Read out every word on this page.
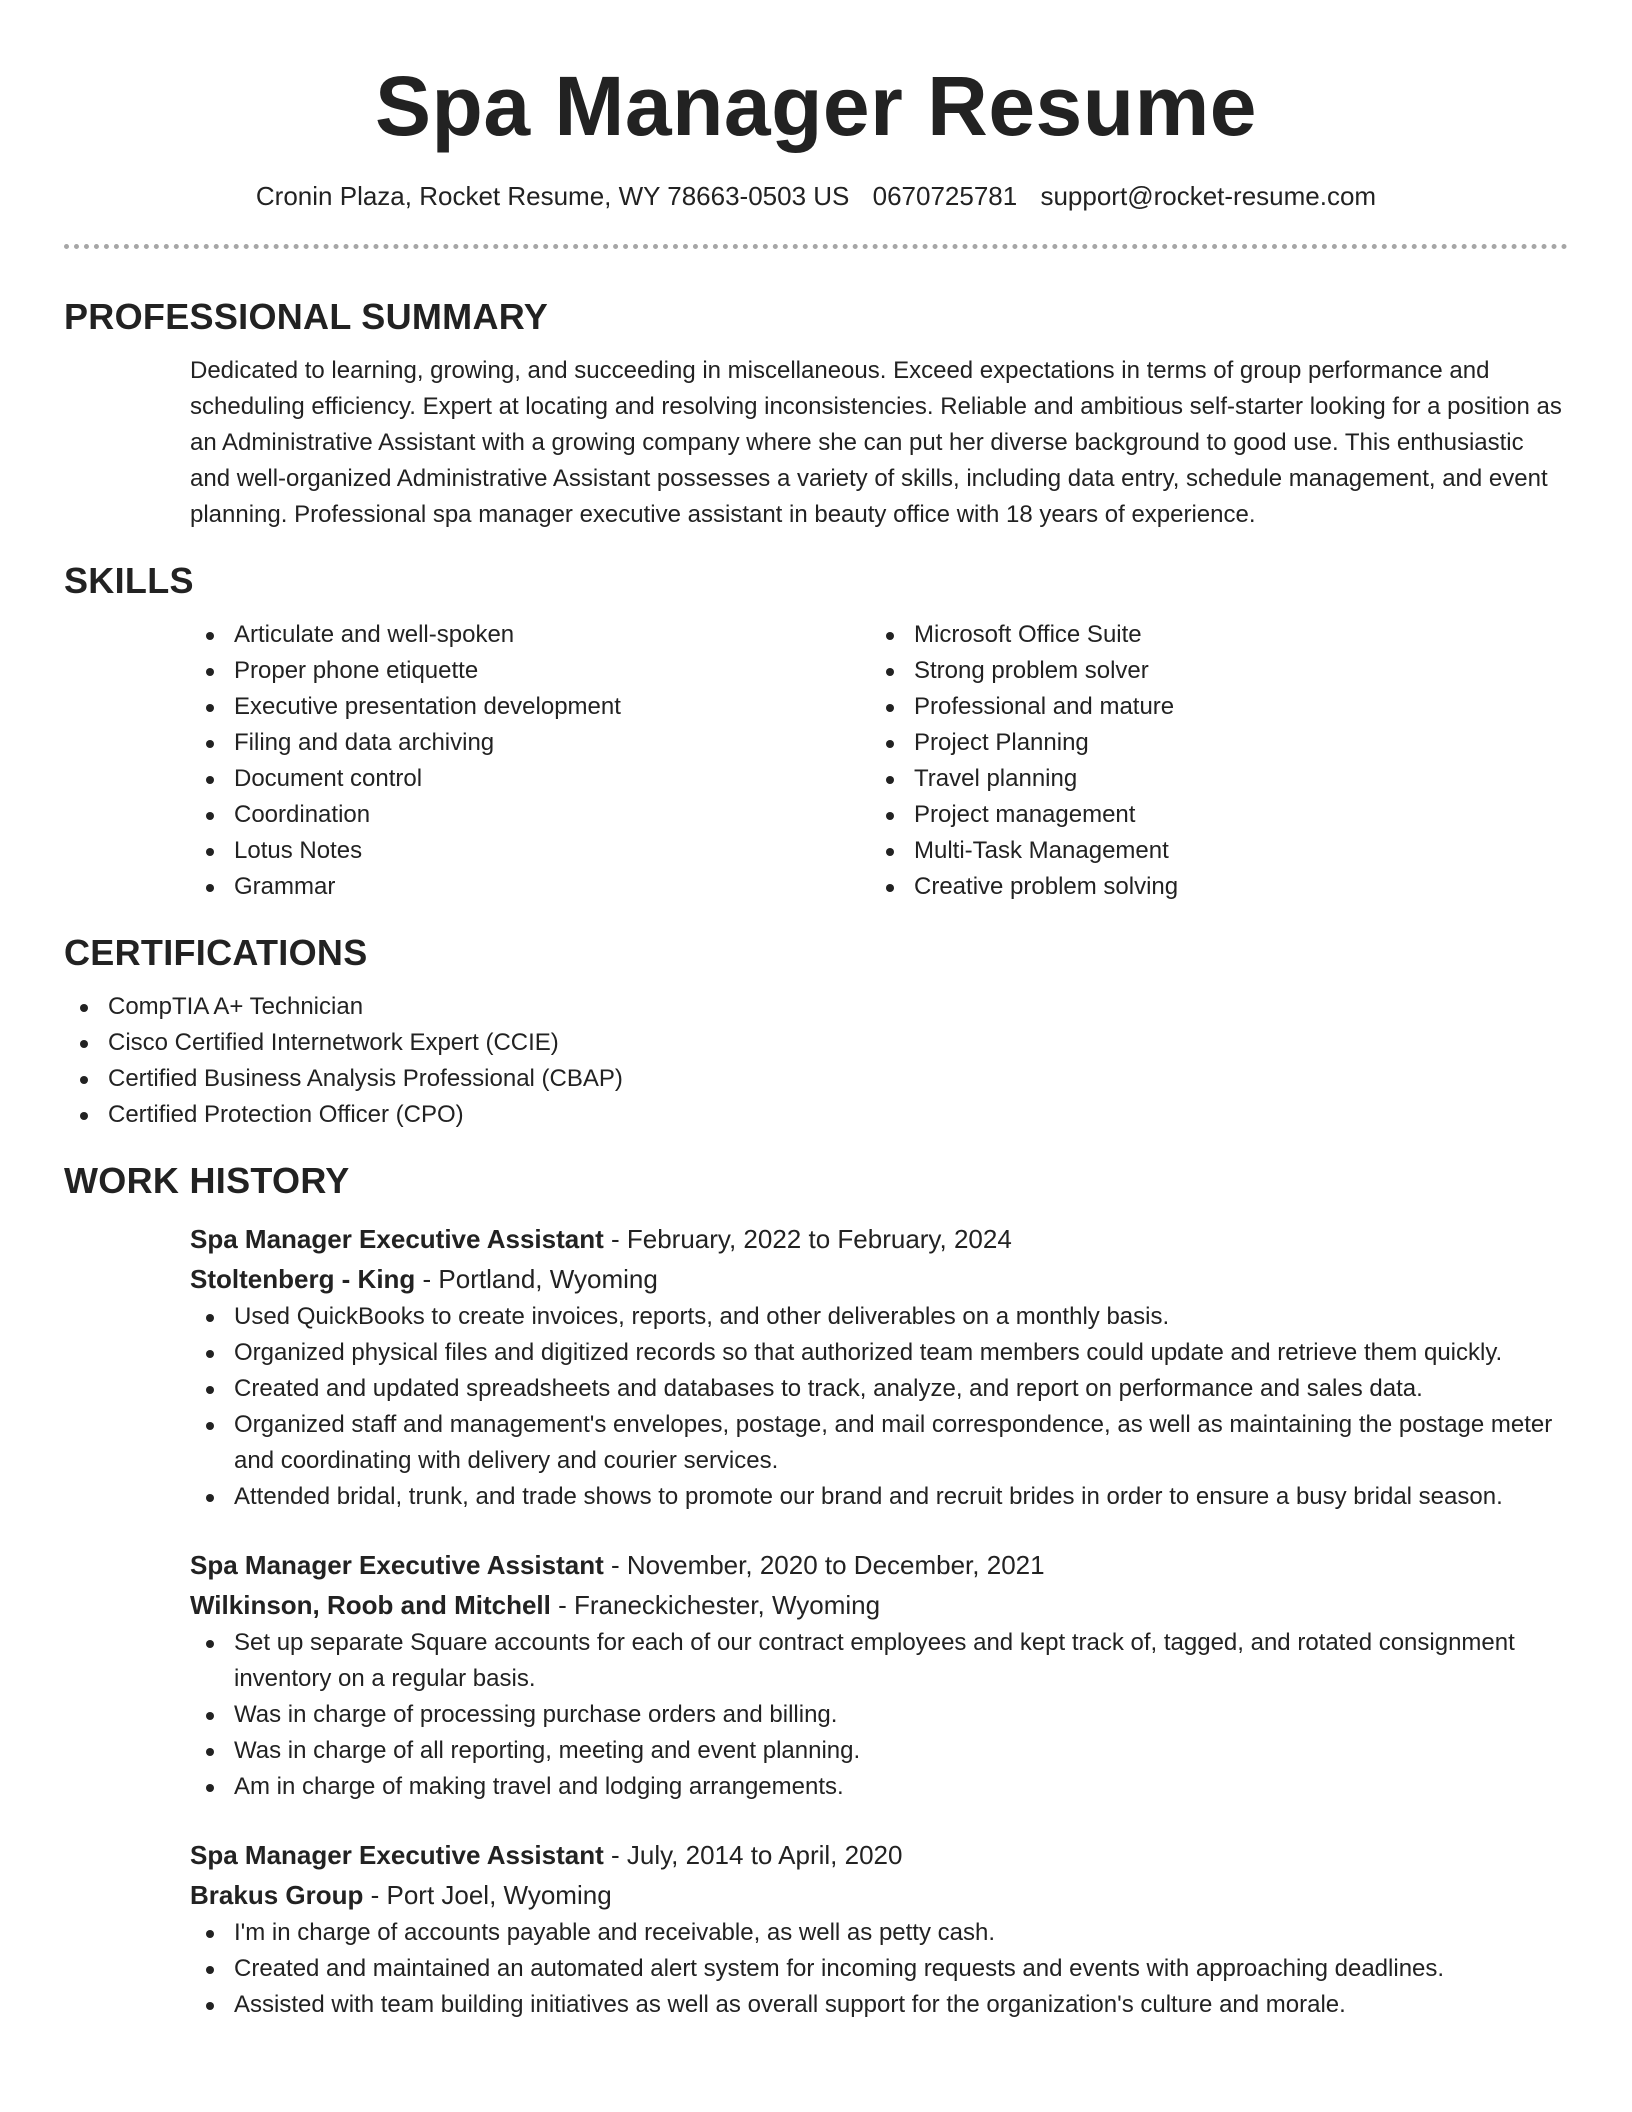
Spa Manager Resume
Cronin Plaza, Rocket Resume, WY 78663-0503 US 0670725781 support@rocket-resume.com
PROFESSIONAL SUMMARY

Dedicated to learning, growing, and succeeding in miscellaneous. Exceed expectations in terms of group performance and scheduling efficiency. Expert at locating and resolving inconsistencies. Reliable and ambitious self-starter looking for a position as an Administrative Assistant with a growing company where she can put her diverse background to good use. This enthusiastic and well-organized Administrative Assistant possesses a variety of skills, including data entry, schedule management, and event planning. Professional spa manager executive assistant in beauty office with 18 years of experience.

SKILLS
Articulate and well-spoken
Proper phone etiquette
Executive presentation development
Filing and data archiving
Document control
Coordination
Lotus Notes
Grammar
Microsoft Office Suite
Strong problem solver
Professional and mature
Project Planning
Travel planning
Project management
Multi-Task Management
Creative problem solving
CERTIFICATIONS
CompTIA A+ Technician
Cisco Certified Internetwork Expert (CCIE)
Certified Business Analysis Professional (CBAP)
Certified Protection Officer (CPO)
WORK HISTORY
Spa Manager Executive Assistant - February, 2022 to February, 2024
Stoltenberg - King - Portland, Wyoming
Used QuickBooks to create invoices, reports, and other deliverables on a monthly basis.
Organized physical files and digitized records so that authorized team members could update and retrieve them quickly.
Created and updated spreadsheets and databases to track, analyze, and report on performance and sales data.
Organized staff and management's envelopes, postage, and mail correspondence, as well as maintaining the postage meter and coordinating with delivery and courier services.
Attended bridal, trunk, and trade shows to promote our brand and recruit brides in order to ensure a busy bridal season.
Spa Manager Executive Assistant - November, 2020 to December, 2021
Wilkinson, Roob and Mitchell - Franeckichester, Wyoming
Set up separate Square accounts for each of our contract employees and kept track of, tagged, and rotated consignment inventory on a regular basis.
Was in charge of processing purchase orders and billing.
Was in charge of all reporting, meeting and event planning.
Am in charge of making travel and lodging arrangements.
Spa Manager Executive Assistant - July, 2014 to April, 2020
Brakus Group - Port Joel, Wyoming
I'm in charge of accounts payable and receivable, as well as petty cash.
Created and maintained an automated alert system for incoming requests and events with approaching deadlines.
Assisted with team building initiatives as well as overall support for the organization's culture and morale.
